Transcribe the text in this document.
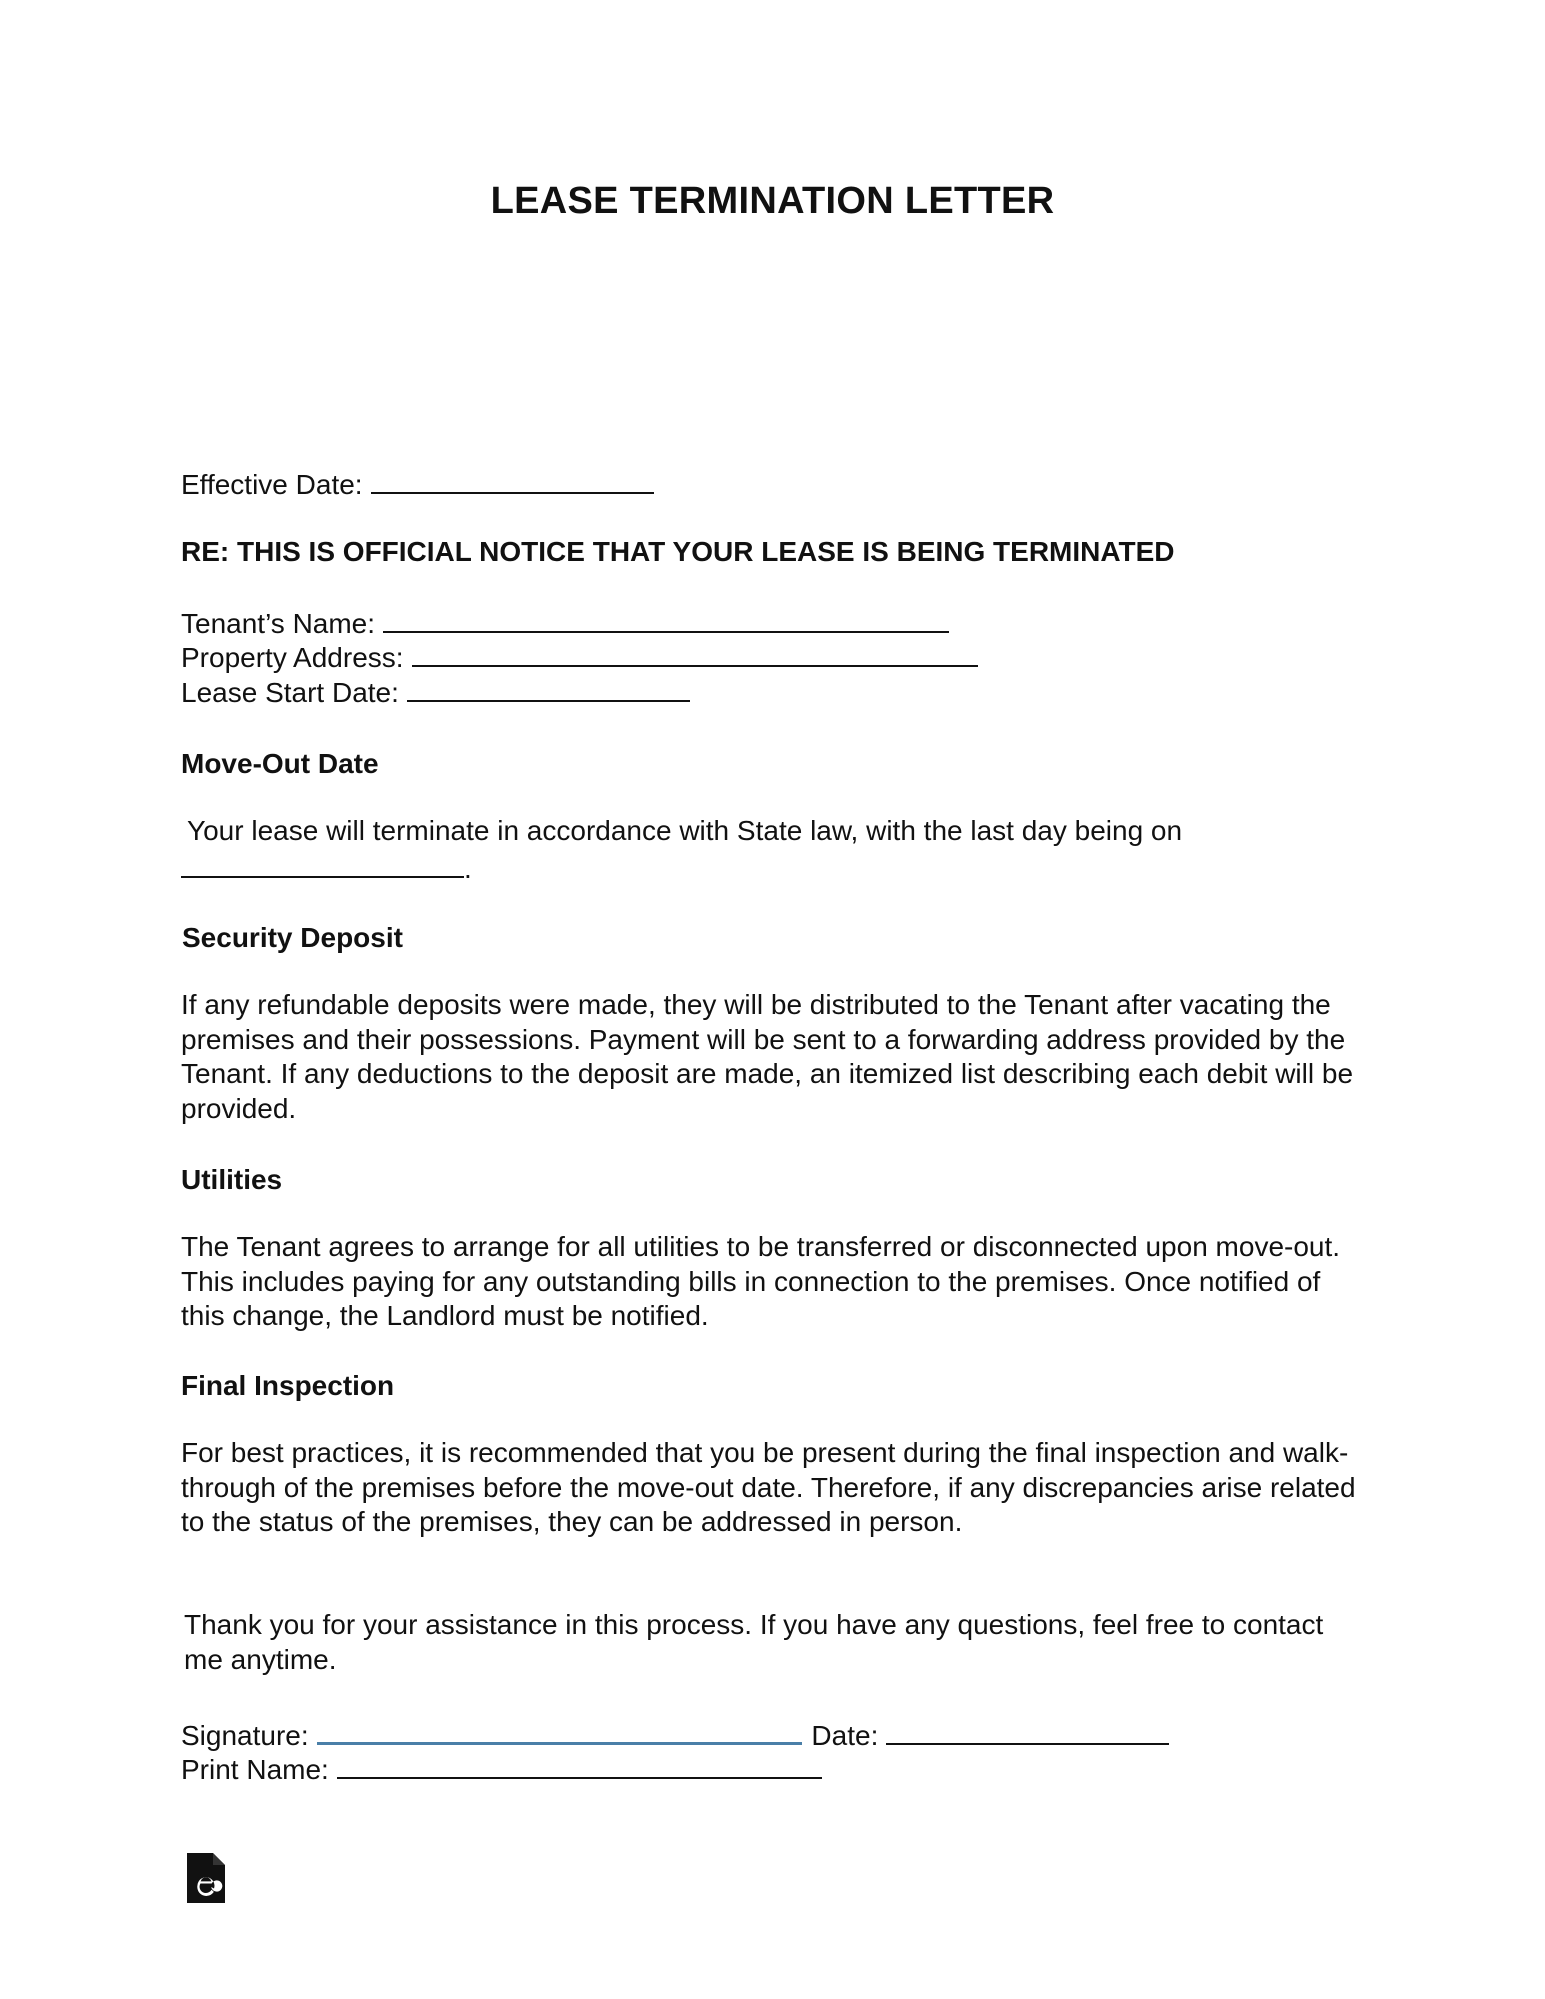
LEASE TERMINATION LETTER
Effective Date:
RE: THIS IS OFFICIAL NOTICE THAT YOUR LEASE IS BEING TERMINATED
Tenant’s Name:
Property Address:
Lease Start Date:
Move-Out Date
Your lease will terminate in accordance with State law, with the last day being on
.
Security Deposit
If any refundable deposits were made, they will be distributed to the Tenant after vacating the premises and their possessions. Payment will be sent to a forwarding address provided by the Tenant. If any deductions to the deposit are made, an itemized list describing each debit will be provided.
Utilities
The Tenant agrees to arrange for all utilities to be transferred or disconnected upon move-out. This includes paying for any outstanding bills in connection to the premises. Once notified of this change, the Landlord must be notified.
Final Inspection
For best practices, it is recommended that you be present during the final inspection and walk-through of the premises before the move-out date. Therefore, if any discrepancies arise related to the status of the premises, they can be addressed in person.
Thank you for your assistance in this process. If you have any questions, feel free to contact me anytime.
Signature:	Date:
Print Name:
